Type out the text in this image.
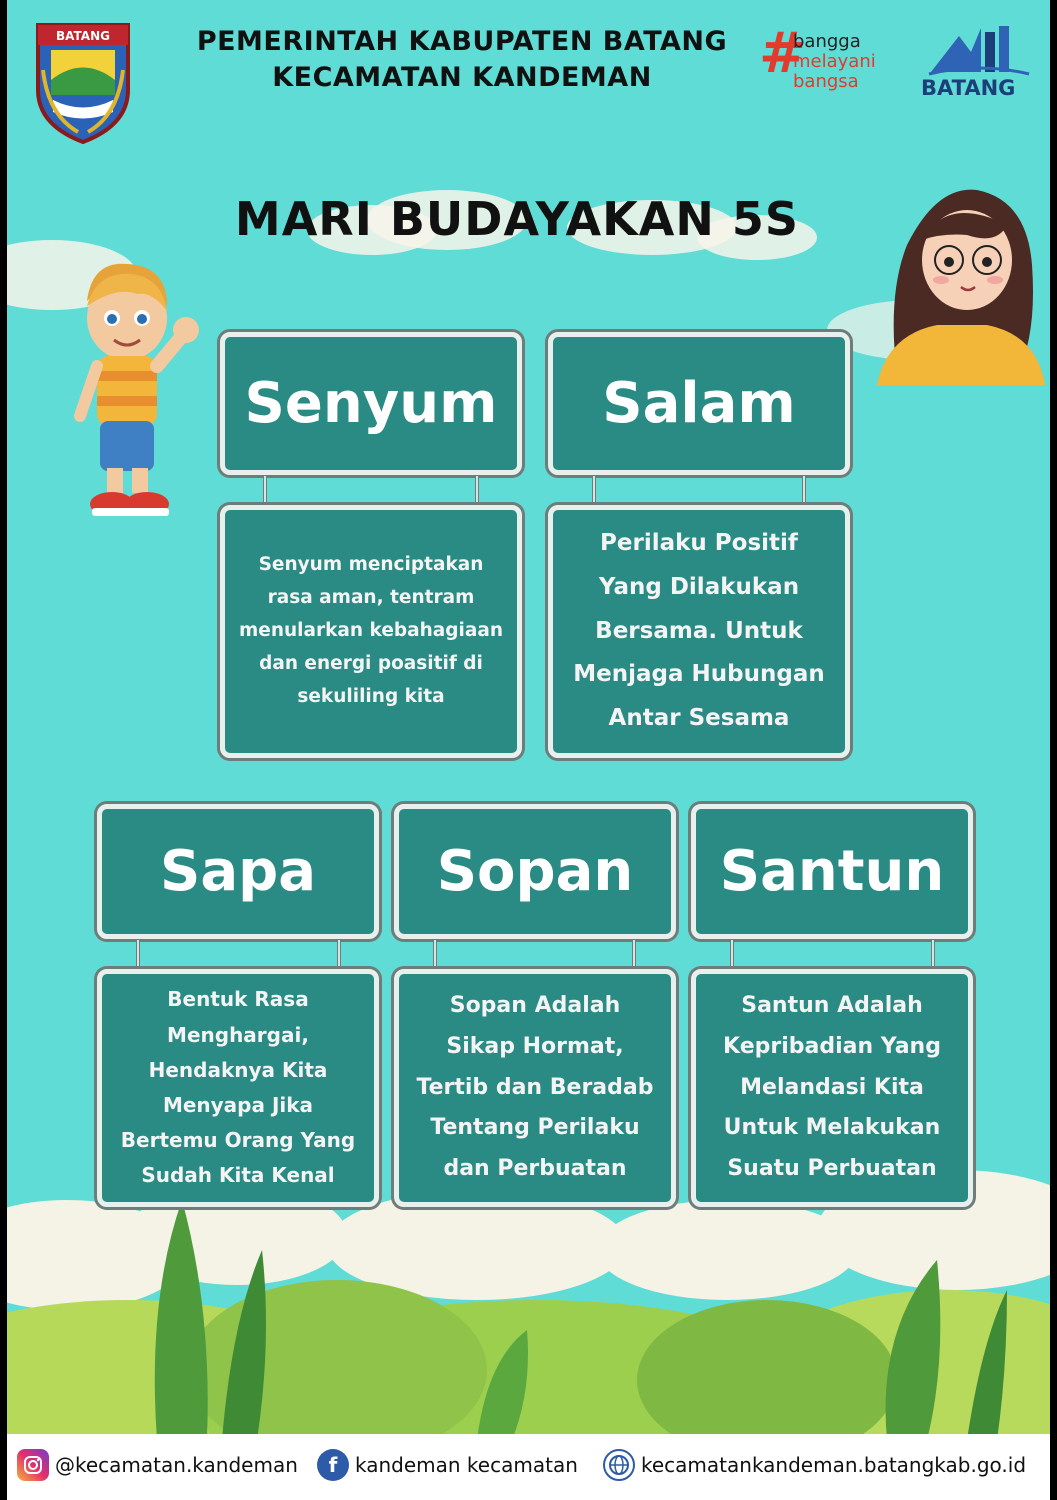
BATANG	PEMERINTAH KABUPATEN BATANG
KECAMATAN KANDEMAN	#
bangga
melayani
bangsa	BATANG
MARI BUDAYAKAN 5S
Senyum
Senyum menciptakan rasa aman, tentram menularkan kebahagiaan dan energi poasitif di sekuliling kita
Salam
Perilaku Positif Yang Dilakukan Bersama. Untuk Menjaga Hubungan Antar Sesama
Sapa
Bentuk Rasa Menghargai, Hendaknya Kita Menyapa Jika Bertemu Orang Yang Sudah Kita Kenal
Sopan
Sopan Adalah Sikap Hormat, Tertib dan Beradab Tentang Perilaku dan Perbuatan
Santun
Santun Adalah Kepribadian Yang Melandasi Kita Untuk Melakukan Suatu Perbuatan
@kecamatan.kandeman	f kandeman kecamatan	kecamatankandeman.batangkab.go.id
